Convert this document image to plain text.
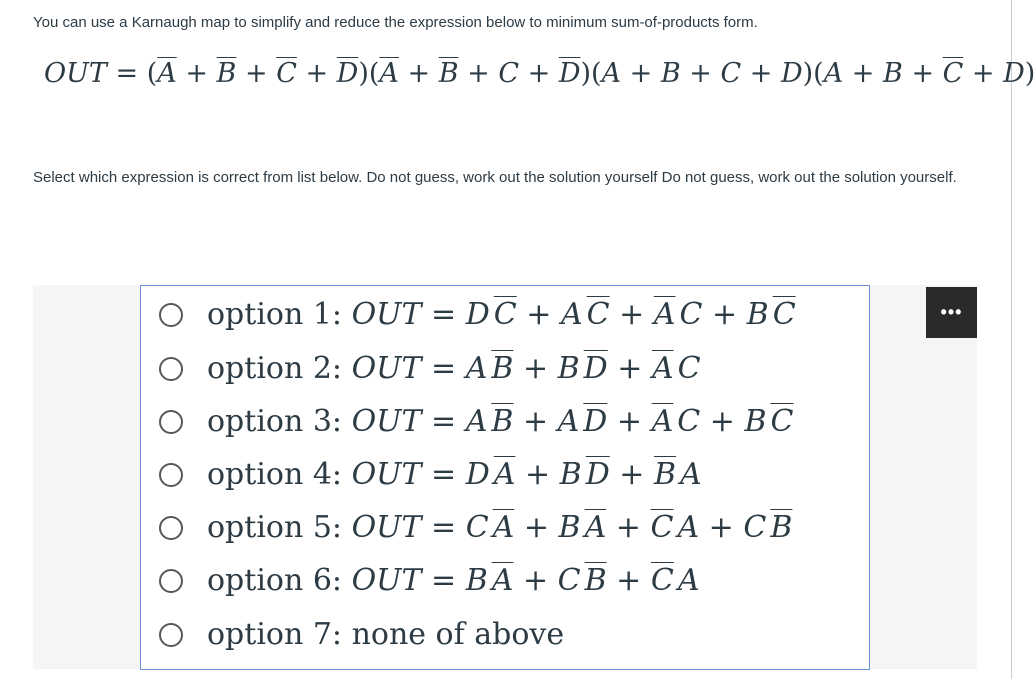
You can use a Karnaugh map to simplify and reduce the expression below to minimum sum-of-products form.

OUT = $(\overline{A} + \overline{B} + \overline{C} + \overline{D})(\overline{A} + \overline{B} + C + \overline{D})(A + B + C + D)(A + B + \overline{C} + D)$

Select which expression is correct from list below. Do not guess, work out the solution yourself Do not guess, work out the solution yourself.

option 1: OUT = D $\overline{C} + A$ $\overline{C} + \overline{A}$ C + B $\overline{C}$
option 2: OUT = A $\overline{B} + B$ $\overline{D} + \overline{A}$ C
option 3: OUT = A $\overline{B} + A$ $\overline{D} + \overline{A}$ C + B $\overline{C}$
option 4: OUT = D $\overline{A} + B$ $\overline{D} + \overline{B}$ A
option 5: OUT = C $\overline{A} + B$ $\overline{A} + \overline{C}$ A + C $\overline{B}$
option 6: OUT = B $\overline{A} + C$ $\overline{B} + \overline{C}$ A
option 7: none of above
•••
